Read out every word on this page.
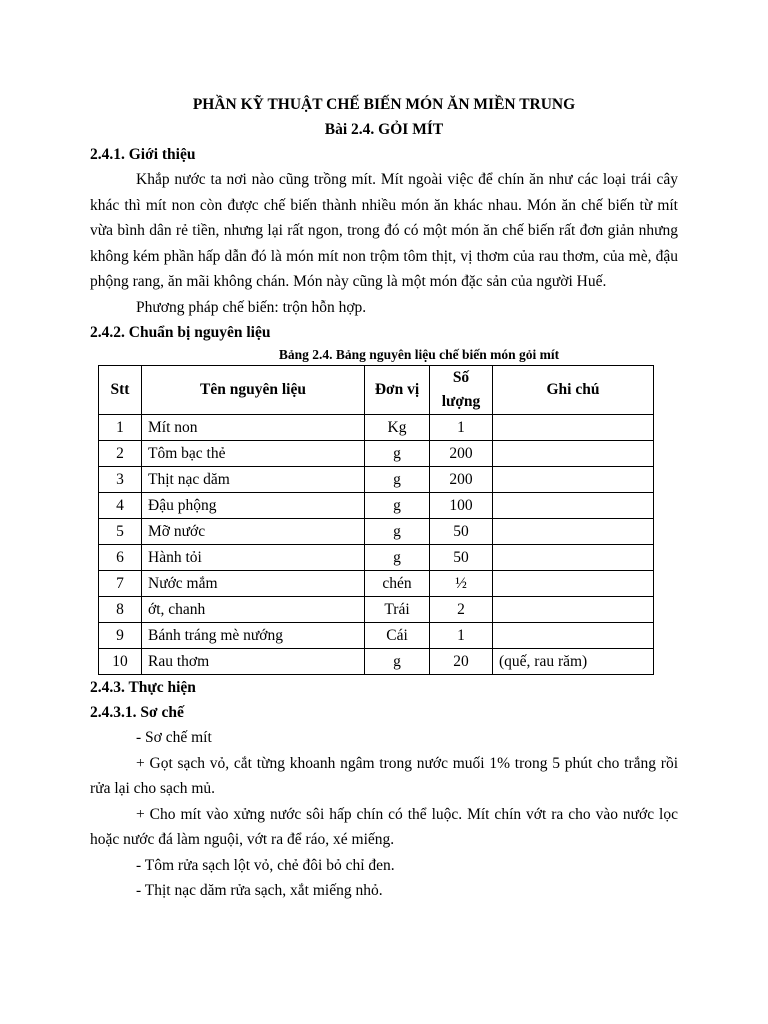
PHẦN KỸ THUẬT CHẾ BIẾN MÓN ĂN MIỀN TRUNG
Bài 2.4. GỎI MÍT
2.4.1. Giới thiệu
Khắp nước ta nơi nào cũng trồng mít. Mít ngoài việc để chín ăn như các loại trái cây khác thì mít non còn được chế biến thành nhiều món ăn khác nhau. Món ăn chế biến từ mít vừa bình dân rẻ tiền, nhưng lại rất ngon, trong đó có một món ăn chế biến rất đơn giản nhưng không kém phần hấp dẫn đó là món mít non trộm tôm thịt, vị thơm của rau thơm, của mè, đậu phộng rang, ăn mãi không chán. Món này cũng là một món đặc sản của người Huế.
Phương pháp chế biến: trộn hỗn hợp.
2.4.2. Chuẩn bị nguyên liệu
Bảng 2.4. Bảng nguyên liệu chế biến món gỏi mít
Stt	Tên nguyên liệu	Đơn vị	Số lượng	Ghi chú
1	Mít non	Kg	1	
2	Tôm bạc thẻ	g	200	
3	Thịt nạc dăm	g	200	
4	Đậu phộng	g	100	
5	Mỡ nước	g	50	
6	Hành tỏi	g	50	
7	Nước mắm	chén	½	
8	ớt, chanh	Trái	2	
9	Bánh tráng mè nướng	Cái	1	
10	Rau thơm	g	20	(quế, rau răm)
2.4.3. Thực hiện
2.4.3.1. Sơ chế
- Sơ chế mít
+ Gọt sạch vỏ, cắt từng khoanh ngâm trong nước muối 1% trong 5 phút cho trắng rồi rửa lại cho sạch mủ.
+ Cho mít vào xửng nước sôi hấp chín có thể luộc. Mít chín vớt ra cho vào nước lọc hoặc nước đá làm nguội, vớt ra để ráo, xé miếng.
- Tôm rửa sạch lột vỏ, chẻ đôi bỏ chỉ đen.
- Thịt nạc dăm rửa sạch, xắt miếng nhỏ.
